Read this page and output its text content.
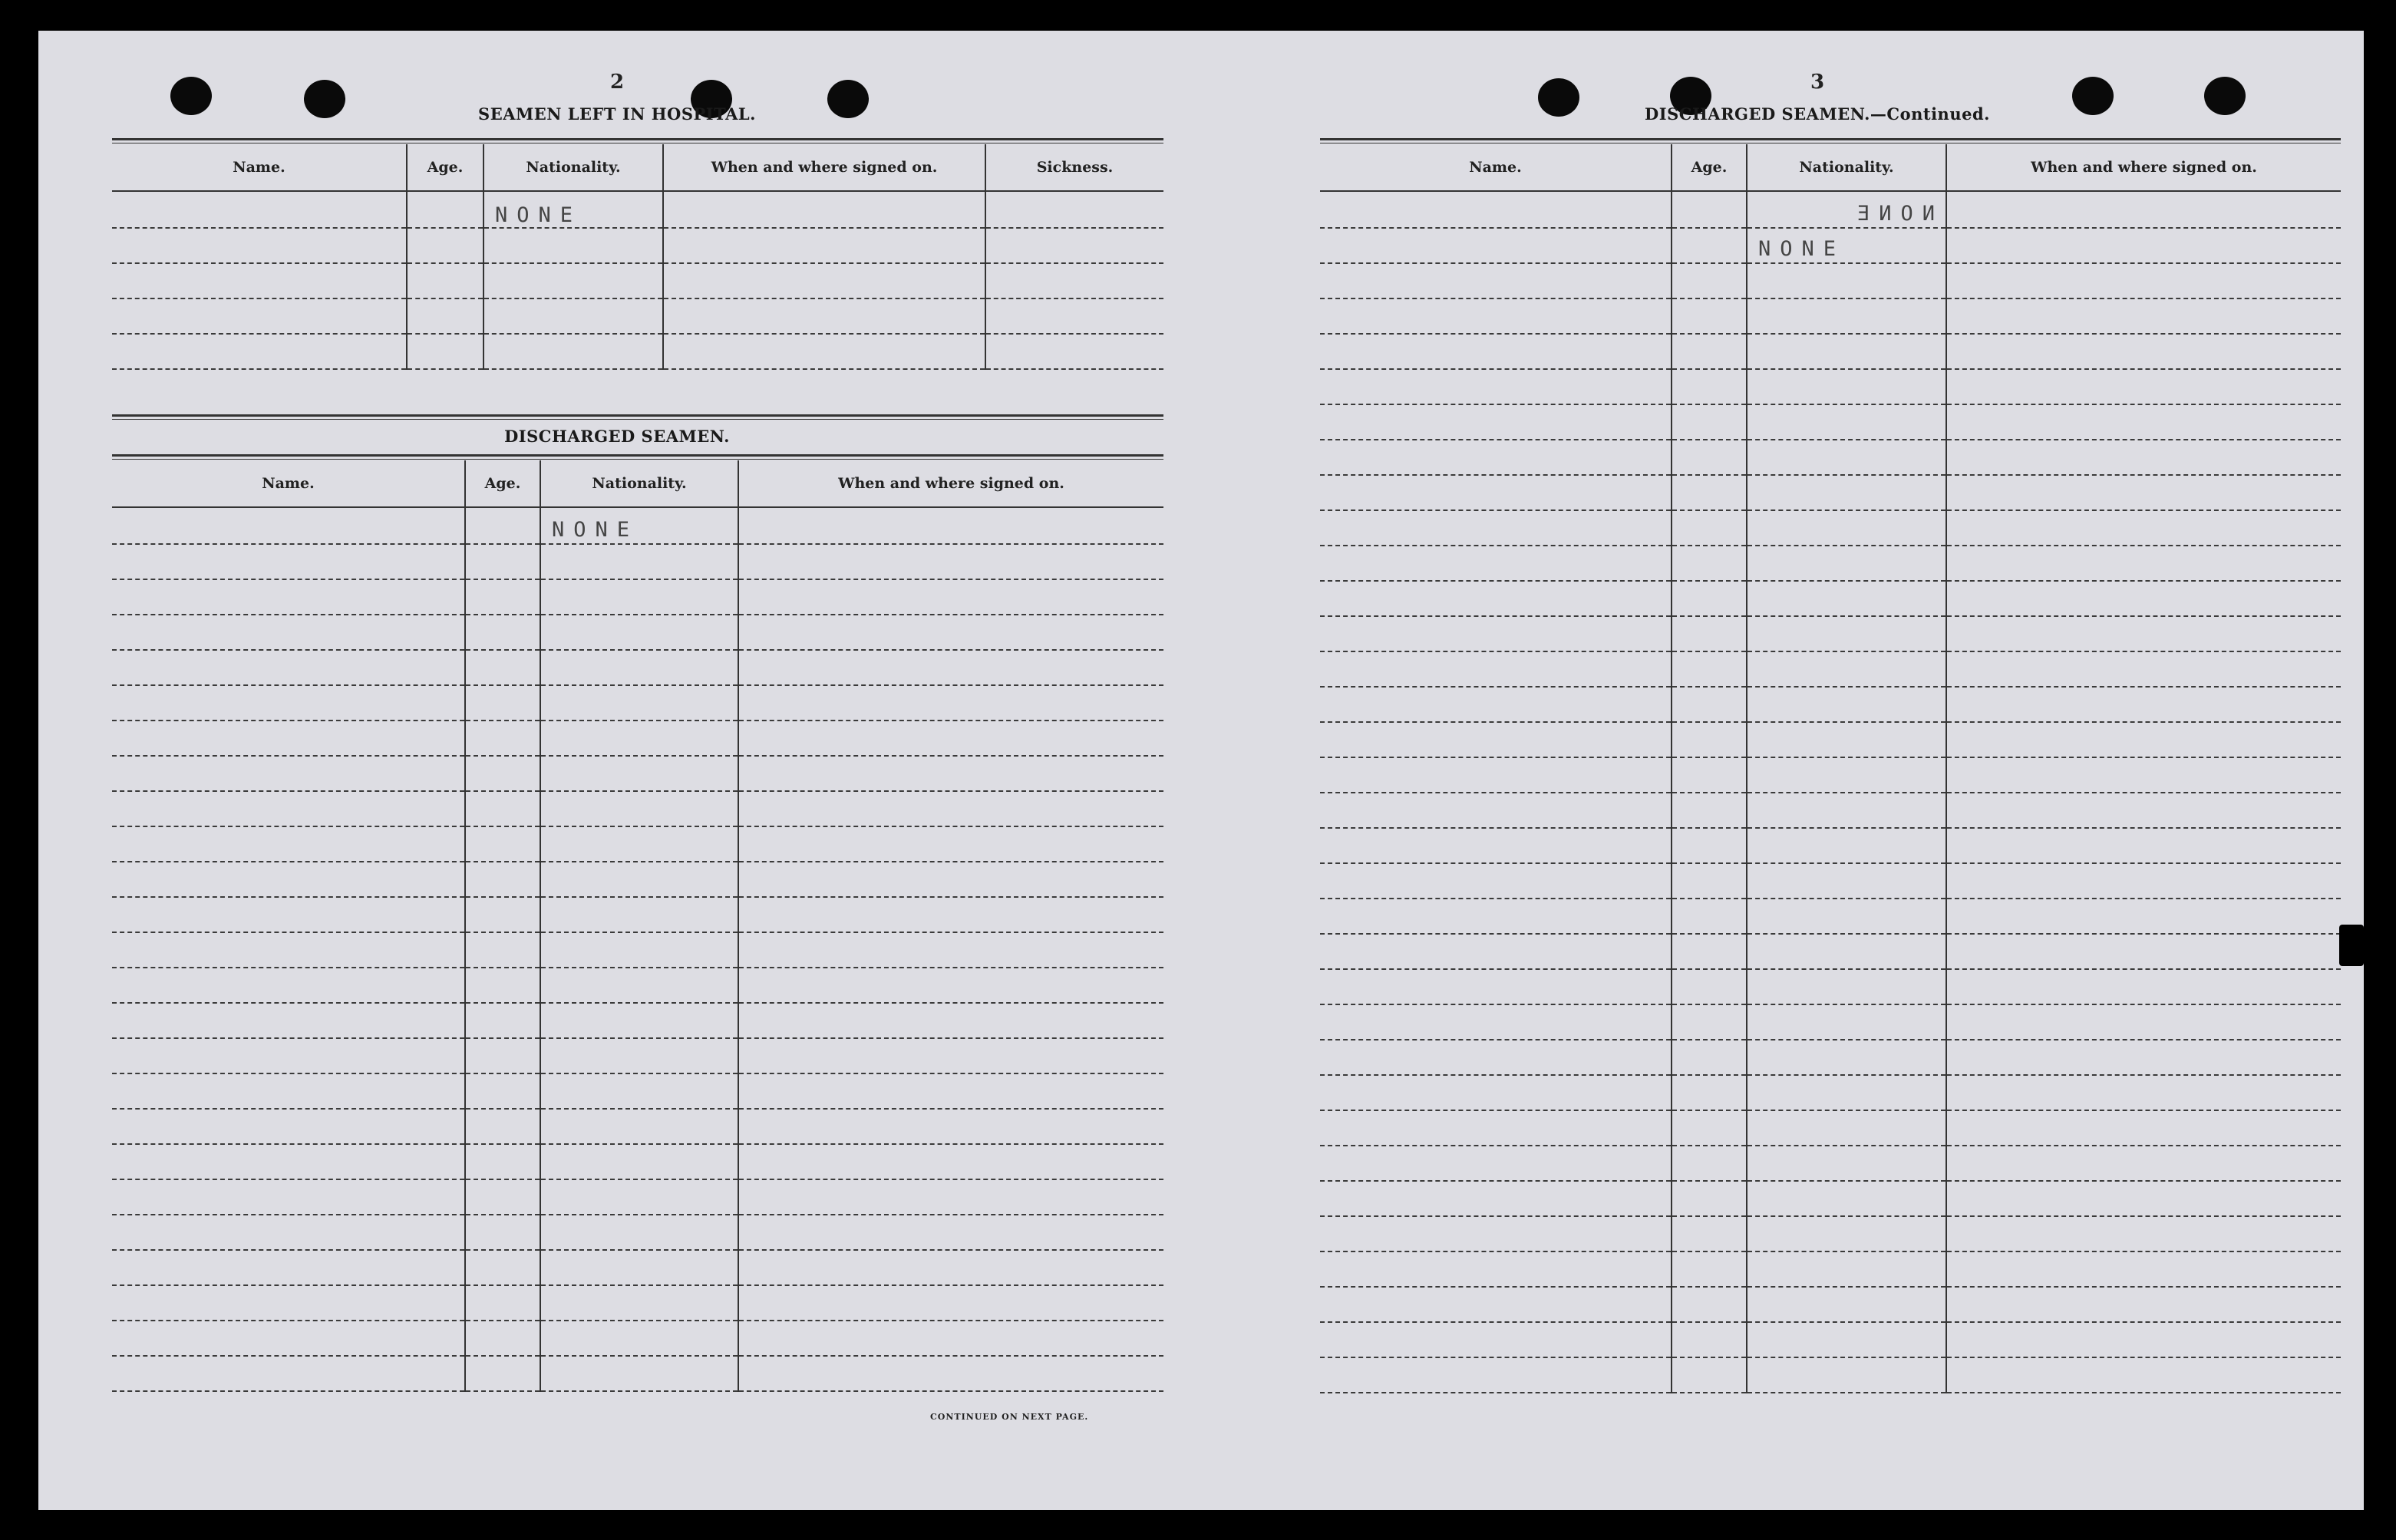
2
SEAMEN LEFT IN HOSPITAL.
Name.	Age.	Nationality.	When and where signed on.	Sickness.
		NONE		

DISCHARGED SEAMEN.
Name.	Age.	Nationality.	When and where signed on.
		NONE	

CONTINUED ON NEXT PAGE.
3
DISCHARGED SEAMEN.—Continued.
Name.	Age.	Nationality.	When and where signed on.
		NONE	
		NONE	
